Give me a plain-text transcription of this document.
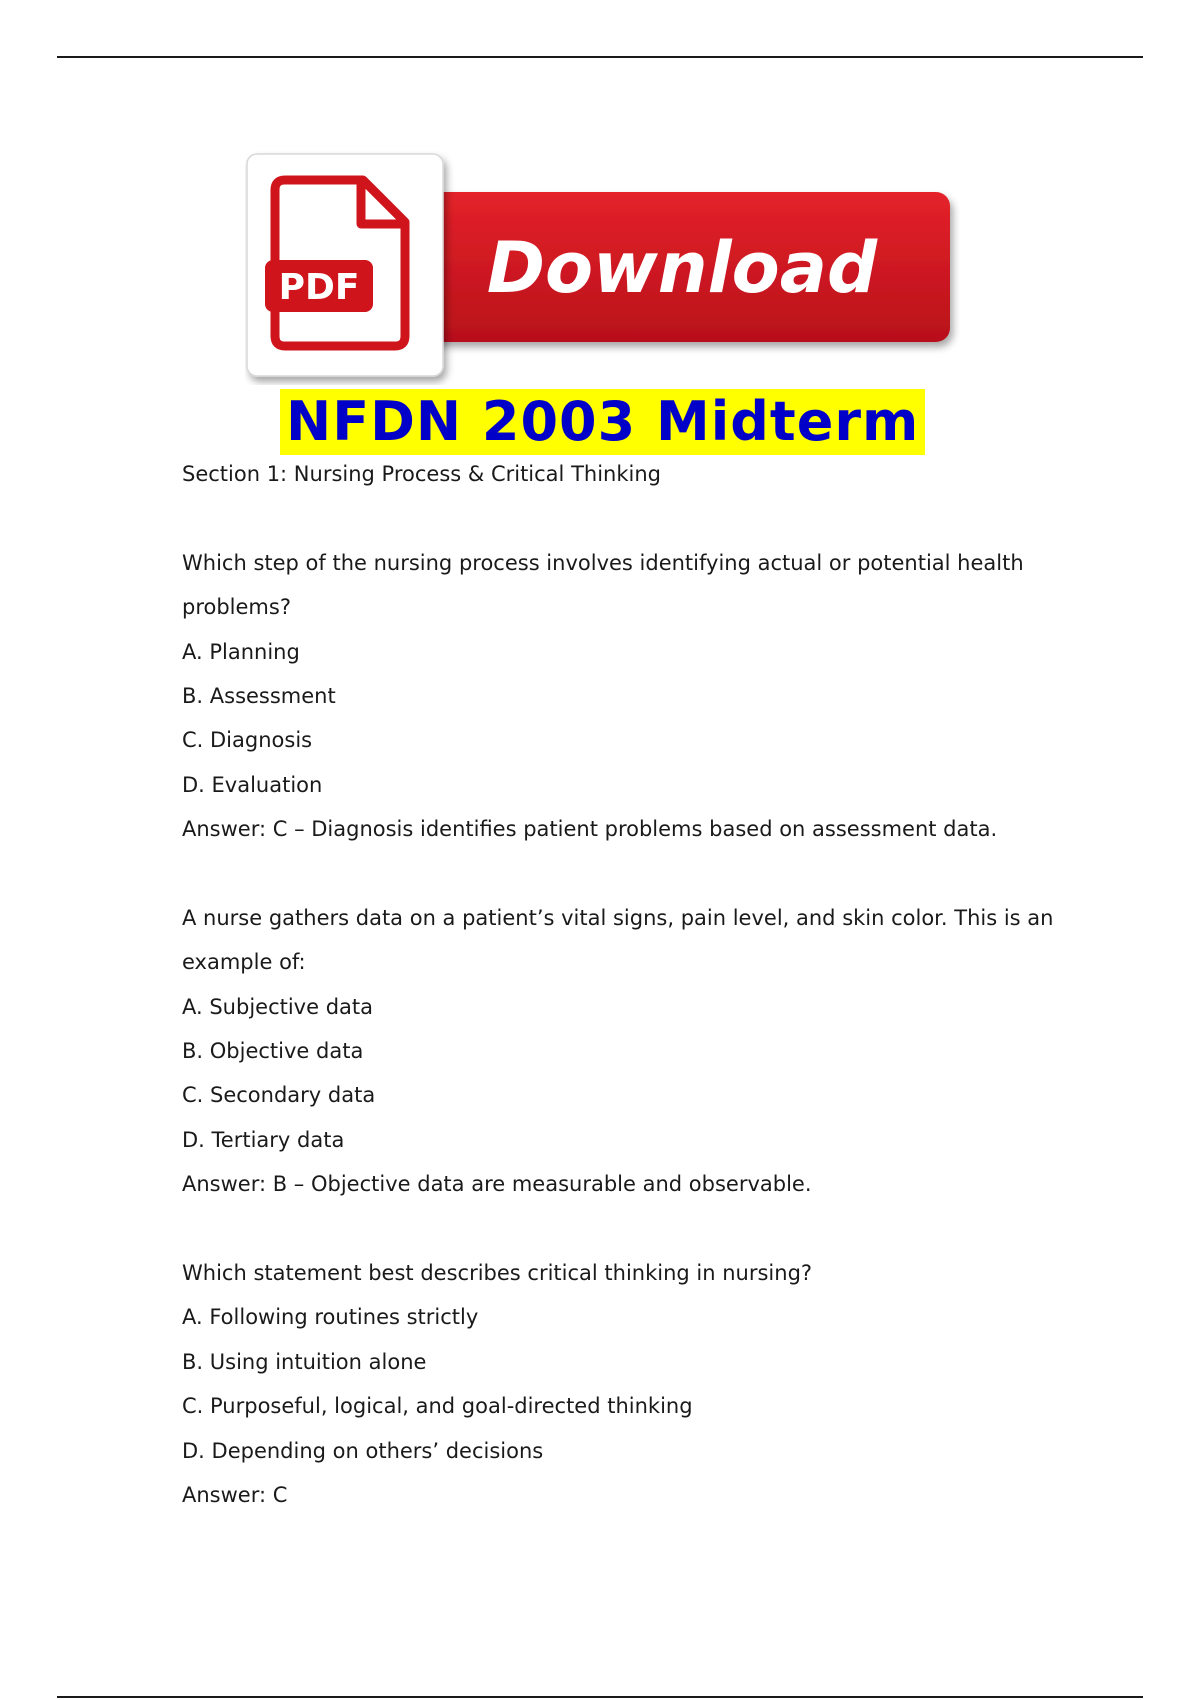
Download
PDF
NFDN 2003 Midterm
Section 1: Nursing Process & Critical Thinking
Which step of the nursing process involves identifying actual or potential health
problems?
A. Planning
B. Assessment
C. Diagnosis
D. Evaluation
Answer: C – Diagnosis identifies patient problems based on assessment data.
A nurse gathers data on a patient’s vital signs, pain level, and skin color. This is an
example of:
A. Subjective data
B. Objective data
C. Secondary data
D. Tertiary data
Answer: B – Objective data are measurable and observable.
Which statement best describes critical thinking in nursing?
A. Following routines strictly
B. Using intuition alone
C. Purposeful, logical, and goal-directed thinking
D. Depending on others’ decisions
Answer: C
